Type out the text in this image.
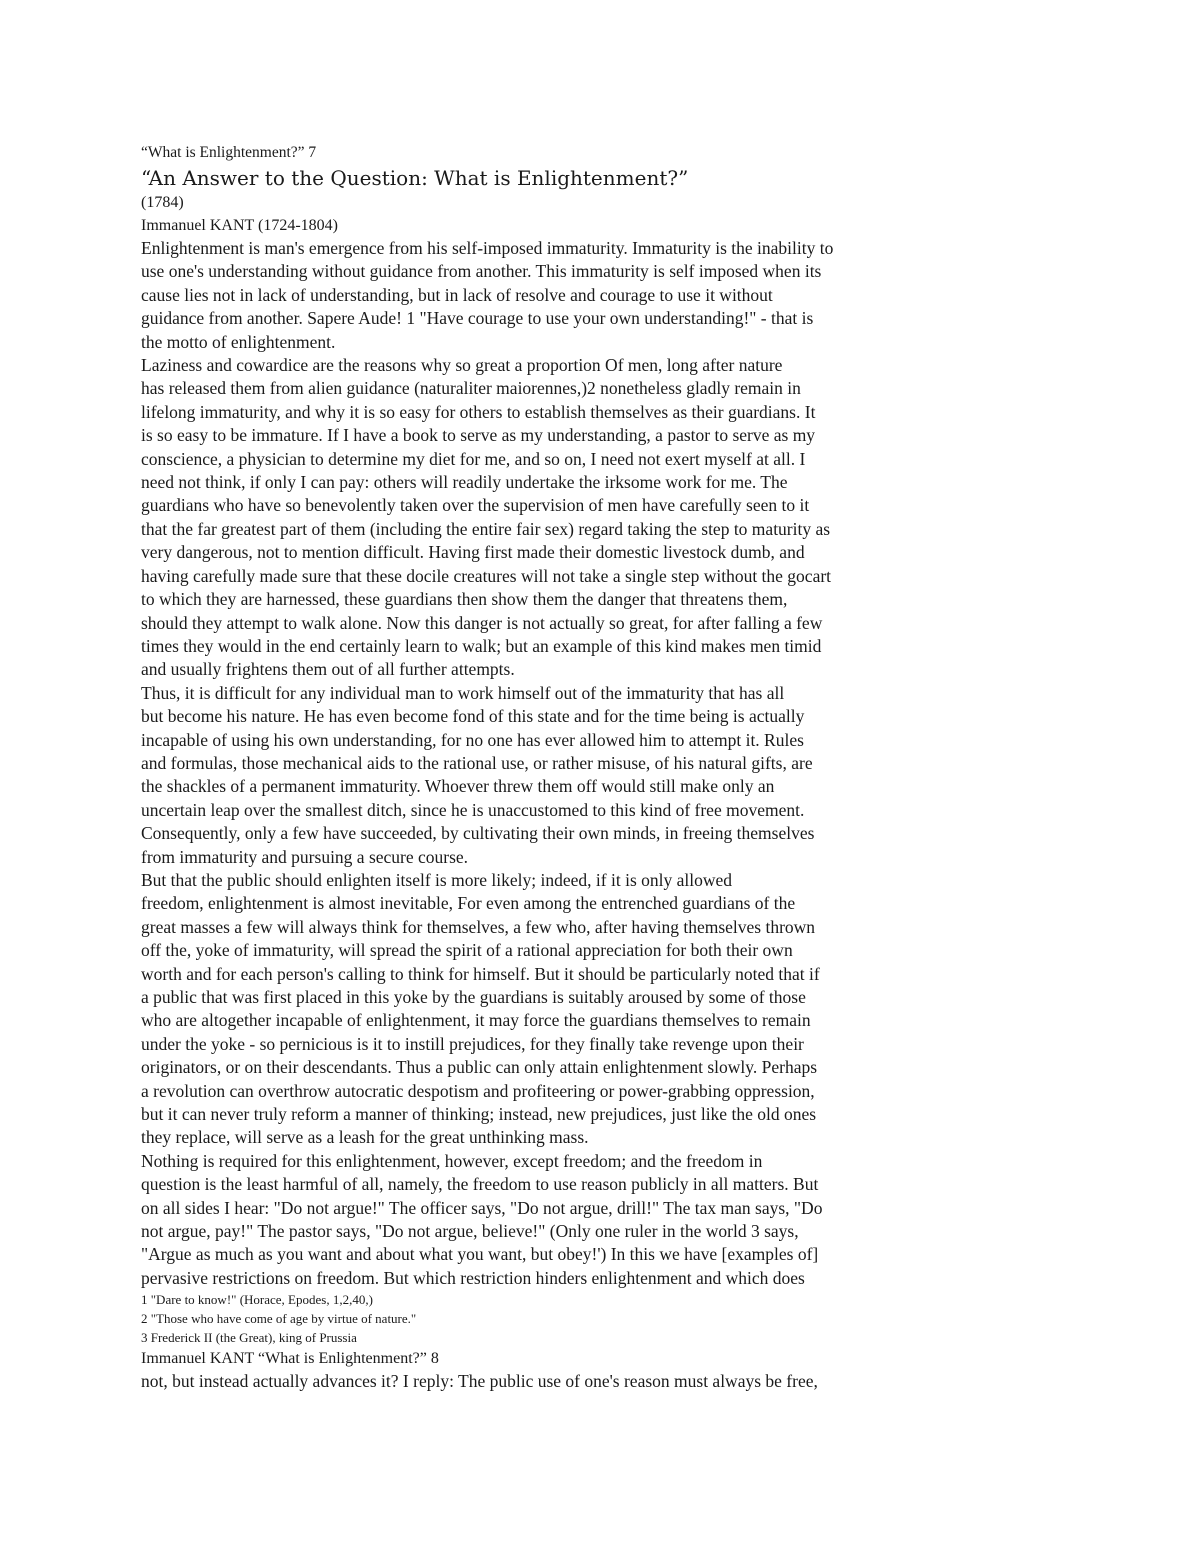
“What is Enlightenment?” 7
“An Answer to the Question: What is Enlightenment?”
(1784)
Immanuel KANT (1724-1804)
Enlightenment is man's emergence from his self-imposed immaturity. Immaturity is the inability to
use one's understanding without guidance from another. This immaturity is self imposed when its
cause lies not in lack of understanding, but in lack of resolve and courage to use it without
guidance from another. Sapere Aude! 1 "Have courage to use your own understanding!" - that is
the motto of enlightenment.
Laziness and cowardice are the reasons why so great a proportion Of men, long after nature
has released them from alien guidance (naturaliter maiorennes,)2 nonetheless gladly remain in
lifelong immaturity, and why it is so easy for others to establish themselves as their guardians. It
is so easy to be immature. If I have a book to serve as my understanding, a pastor to serve as my
conscience, a physician to determine my diet for me, and so on, I need not exert myself at all. I
need not think, if only I can pay: others will readily undertake the irksome work for me. The
guardians who have so benevolently taken over the supervision of men have carefully seen to it
that the far greatest part of them (including the entire fair sex) regard taking the step to maturity as
very dangerous, not to mention difficult. Having first made their domestic livestock dumb, and
having carefully made sure that these docile creatures will not take a single step without the gocart
to which they are harnessed, these guardians then show them the danger that threatens them,
should they attempt to walk alone. Now this danger is not actually so great, for after falling a few
times they would in the end certainly learn to walk; but an example of this kind makes men timid
and usually frightens them out of all further attempts.
Thus, it is difficult for any individual man to work himself out of the immaturity that has all
but become his nature. He has even become fond of this state and for the time being is actually
incapable of using his own understanding, for no one has ever allowed him to attempt it. Rules
and formulas, those mechanical aids to the rational use, or rather misuse, of his natural gifts, are
the shackles of a permanent immaturity. Whoever threw them off would still make only an
uncertain leap over the smallest ditch, since he is unaccustomed to this kind of free movement.
Consequently, only a few have succeeded, by cultivating their own minds, in freeing themselves
from immaturity and pursuing a secure course.
But that the public should enlighten itself is more likely; indeed, if it is only allowed
freedom, enlightenment is almost inevitable, For even among the entrenched guardians of the
great masses a few will always think for themselves, a few who, after having themselves thrown
off the, yoke of immaturity, will spread the spirit of a rational appreciation for both their own
worth and for each person's calling to think for himself. But it should be particularly noted that if
a public that was first placed in this yoke by the guardians is suitably aroused by some of those
who are altogether incapable of enlightenment, it may force the guardians themselves to remain
under the yoke - so pernicious is it to instill prejudices, for they finally take revenge upon their
originators, or on their descendants. Thus a public can only attain enlightenment slowly. Perhaps
a revolution can overthrow autocratic despotism and profiteering or power-grabbing oppression,
but it can never truly reform a manner of thinking; instead, new prejudices, just like the old ones
they replace, will serve as a leash for the great unthinking mass.
Nothing is required for this enlightenment, however, except freedom; and the freedom in
question is the least harmful of all, namely, the freedom to use reason publicly in all matters. But
on all sides I hear: "Do not argue!" The officer says, "Do not argue, drill!" The tax man says, "Do
not argue, pay!" The pastor says, "Do not argue, believe!" (Only one ruler in the world 3 says,
"Argue as much as you want and about what you want, but obey!') In this we have [examples of]
pervasive restrictions on freedom. But which restriction hinders enlightenment and which does
1 "Dare to know!" (Horace, Epodes, 1,2,40,)
2 "Those who have come of age by virtue of nature."
3 Frederick II (the Great), king of Prussia
Immanuel KANT “What is Enlightenment?” 8
not, but instead actually advances it? I reply: The public use of one's reason must always be free,
